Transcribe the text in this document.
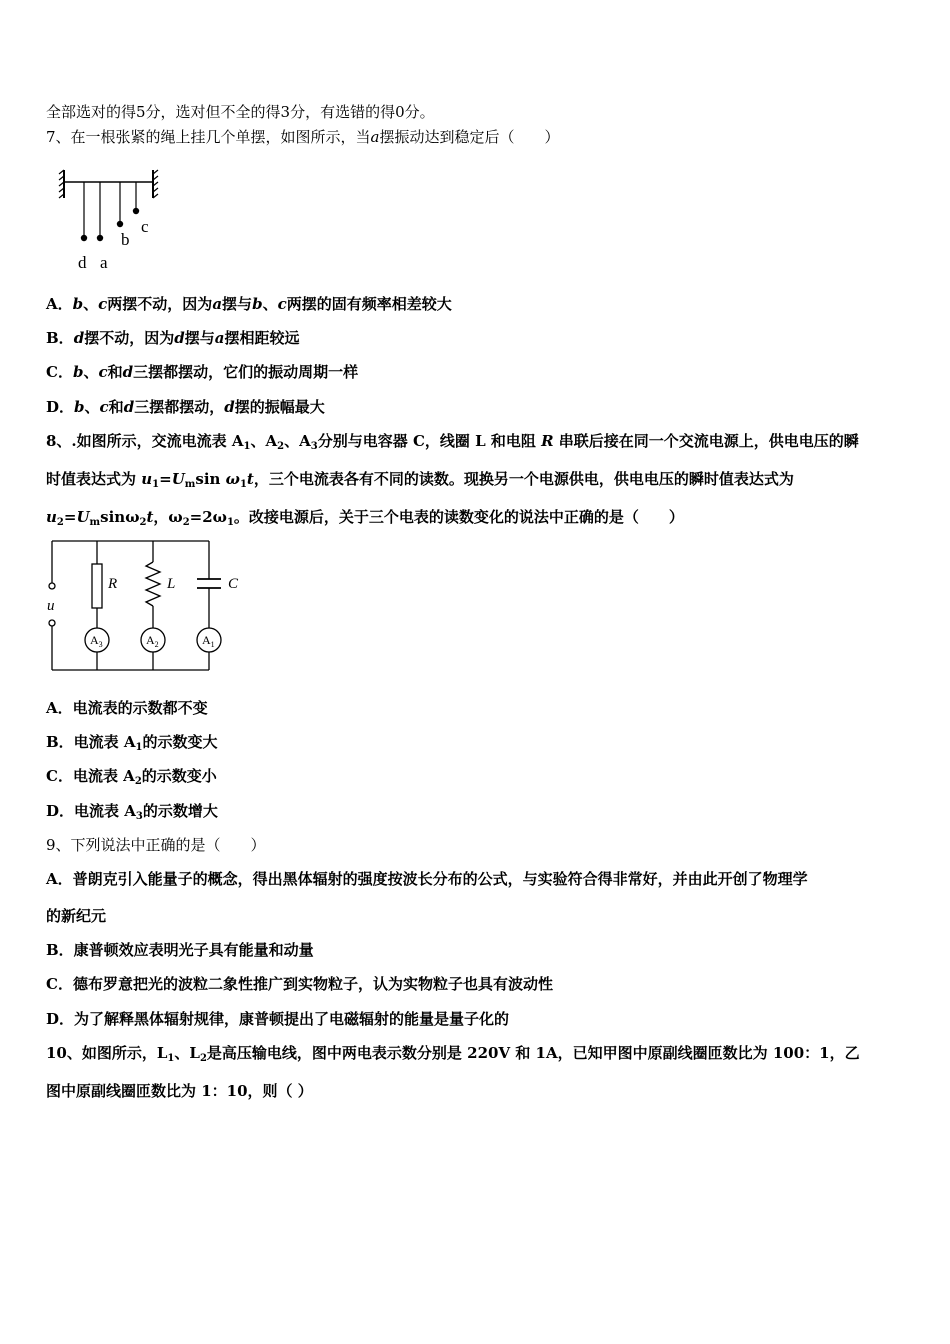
全部选对的得5分，选对但不全的得3分，有选错的得0分。
7、在一根张紧的绳上挂几个单摆，如图所示，当a摆振动达到稳定后（　　）
d a
b
c
A．b、c两摆不动，因为a摆与b、c两摆的固有频率相差较大
B．d摆不动，因为d摆与a摆相距较远
C．b、c和d三摆都摆动，它们的振动周期一样
D．b、c和d三摆都摆动，d摆的振幅最大
8、.如图所示，交流电流表 $A_1$、$A_2$、$A_3$分别与电容器 C，线圈 L 和电阻 R 串联后接在同一个交流电源上，供电电压的瞬
时值表达式为 $u_1=U_m\sin$ $\omega_1t$，三个电流表各有不同的读数。现换另一个电源供电，供电电压的瞬时值表达式为
$u_2=U_m\sin\omega_2t$，$\omega_2=2\omega_1$。改接电源后，关于三个电表的读数变化的说法中正确的是（　　）
R	L	C
u
$A_3$	$A_2$	$A_1$
A．电流表的示数都不变
B．电流表 $A_1$的示数变大
C．电流表 $A_2$的示数变小
D．电流表 $A_3$的示数增大
9、下列说法中正确的是（　　）
A．普朗克引入能量子的概念，得出黑体辐射的强度按波长分布的公式，与实验符合得非常好，并由此开创了物理学
的新纪元
B．康普顿效应表明光子具有能量和动量
C．德布罗意把光的波粒二象性推广到实物粒子，认为实物粒子也具有波动性
D．为了解释黑体辐射规律，康普顿提出了电磁辐射的能量是量子化的
10、如图所示，$L_1$、$L_2$是高压输电线，图中两电表示数分别是 220V 和 1A，已知甲图中原副线圈匝数比为 100：1，乙
图中原副线圈匝数比为 1：10，则（ ）
